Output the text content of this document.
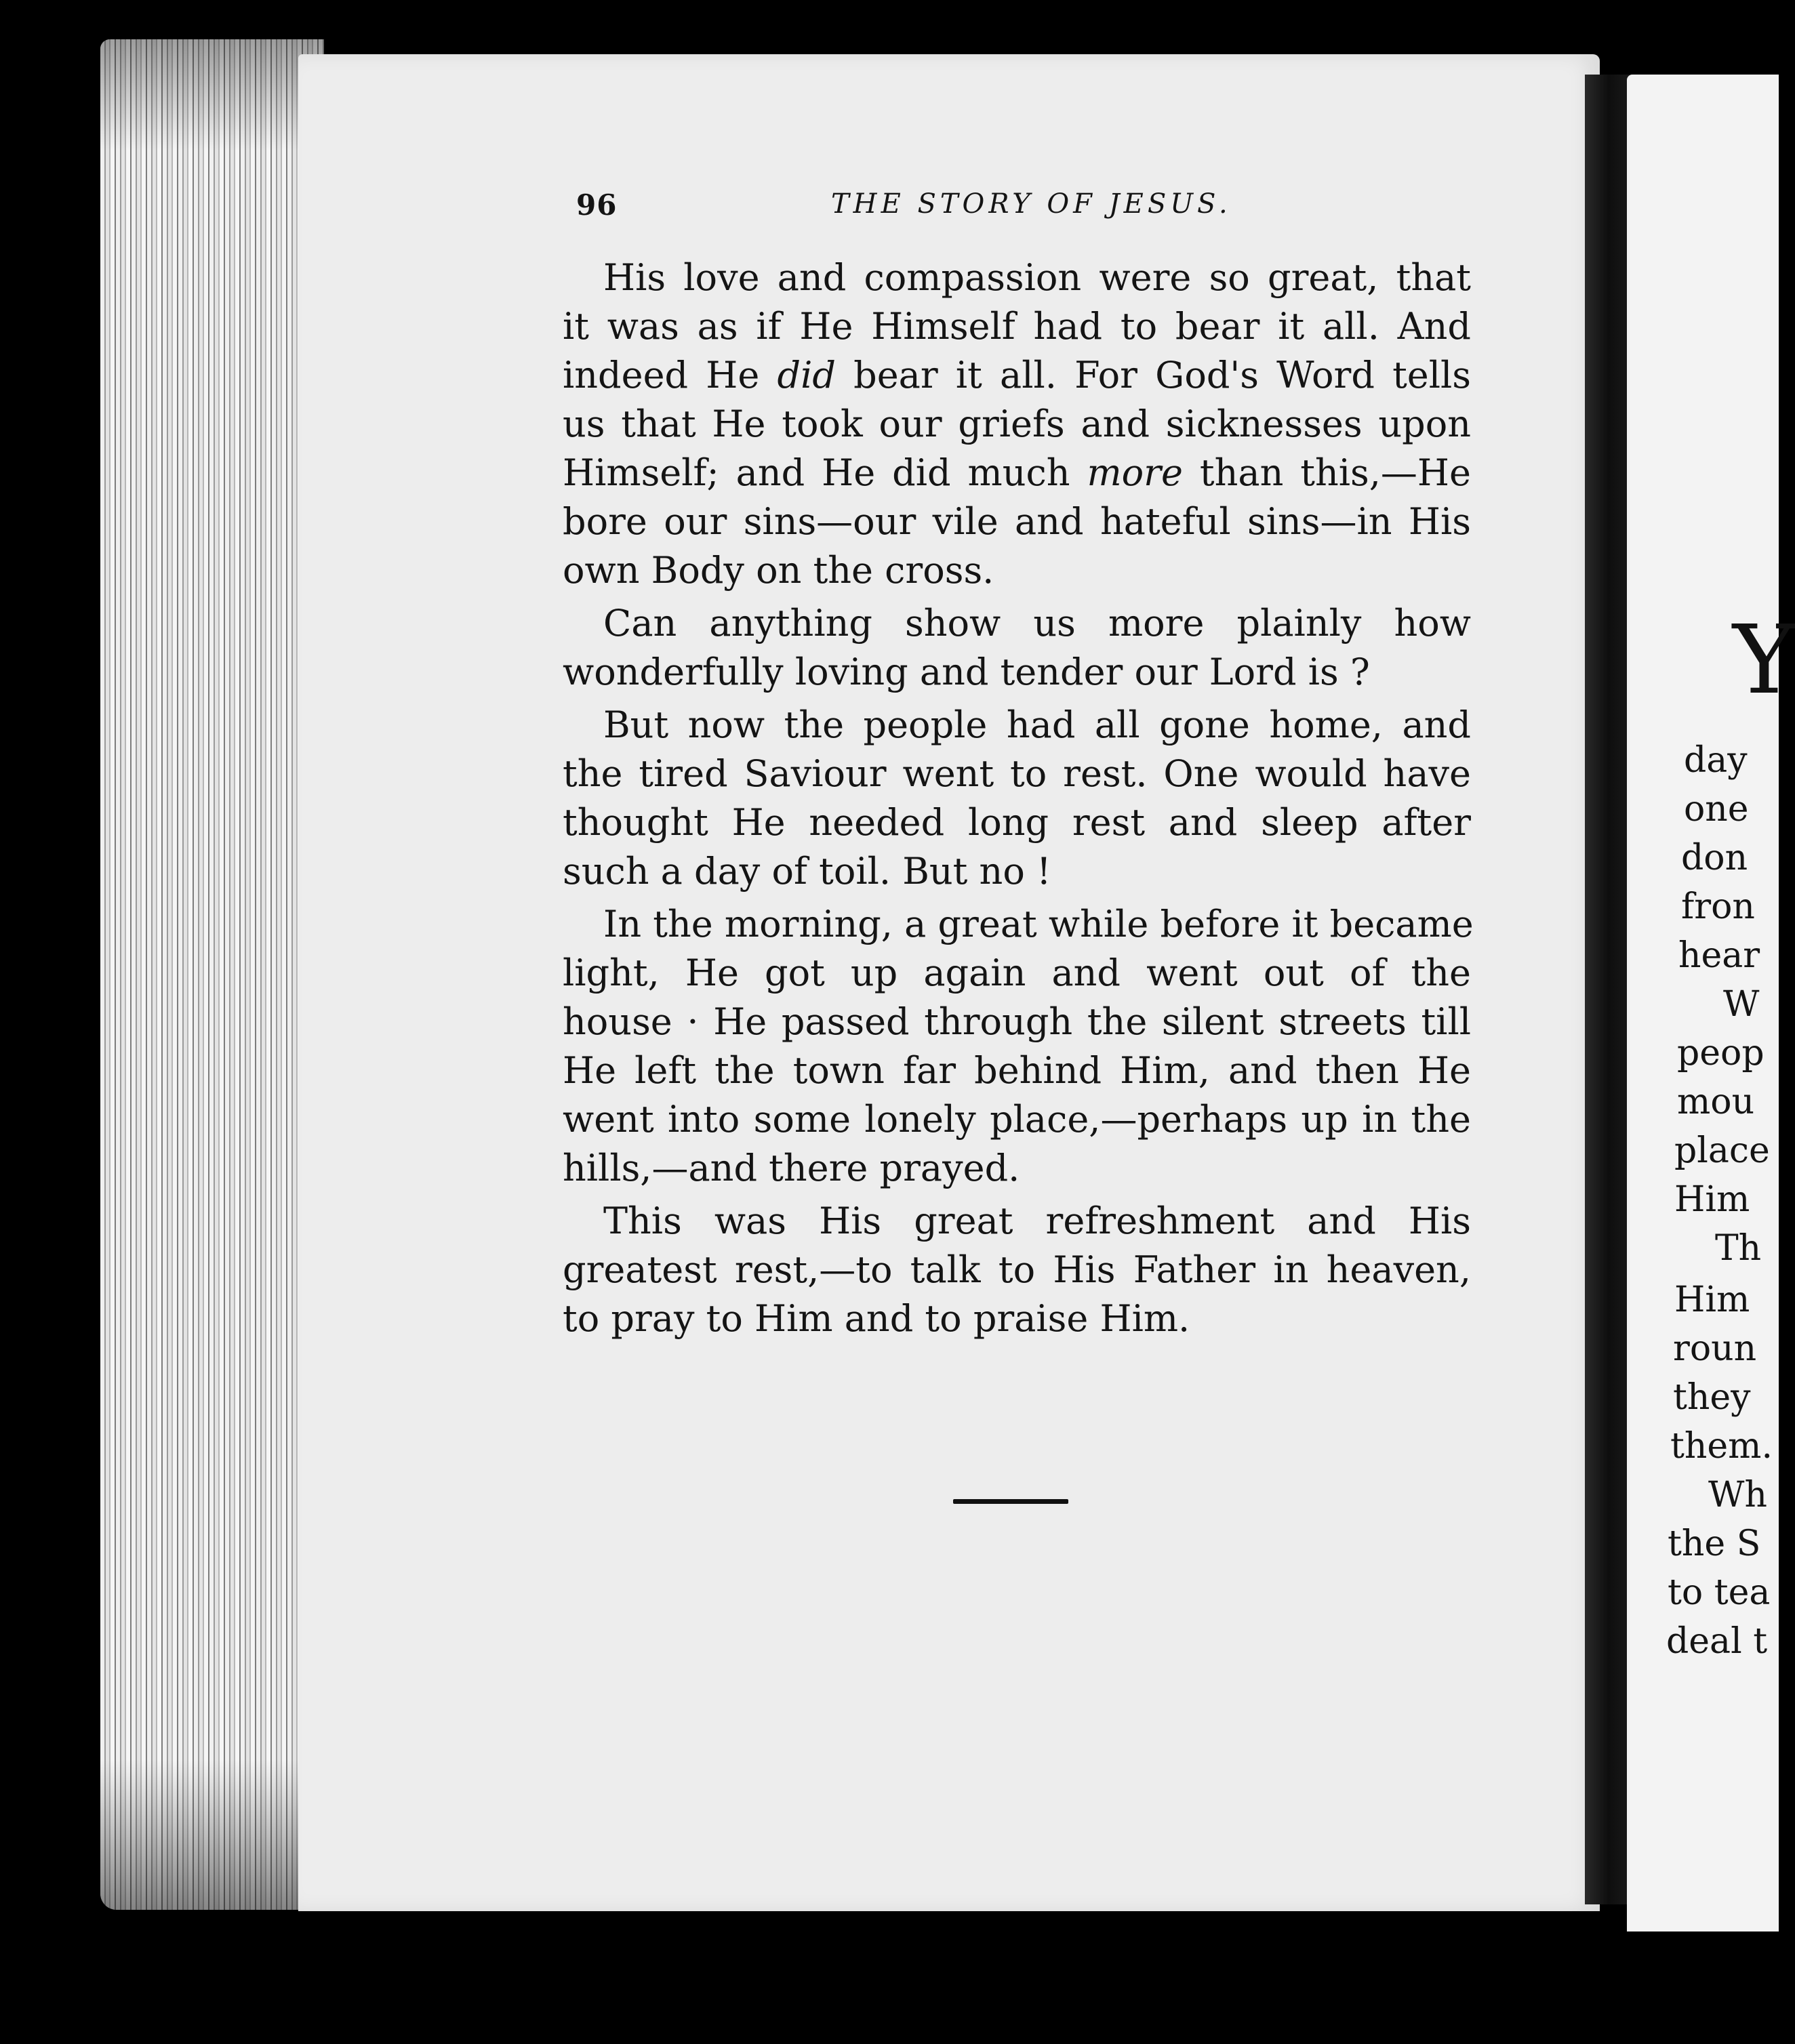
96	THE STORY OF JESUS.
His love and compassion were so great, that
it was as if He Himself had to bear it all. And
indeed He did bear it all. For God's Word tells
us that He took our griefs and sicknesses upon
Himself; and He did much more than this,—He
bore our sins—our vile and hateful sins—in His
own Body on the cross.
Can anything show us more plainly how
wonderfully loving and tender our Lord is ?
But now the people had all gone home, and
the tired Saviour went to rest. One would have
thought He needed long rest and sleep after
such a day of toil. But no !
In the morning, a great while before it became
light, He got up again and went out of the
house · He passed through the silent streets till
He left the town far behind Him, and then He
went into some lonely place,—perhaps up in the
hills,—and there prayed.
This was His great refreshment and His
greatest rest,—to talk to His Father in heaven,
to pray to Him and to praise Him.
Y
day
one
don
fron
hear
W
peop
mou
place
Him
Th
Him
roun
they
them.
Wh
the S
to tea
deal t
